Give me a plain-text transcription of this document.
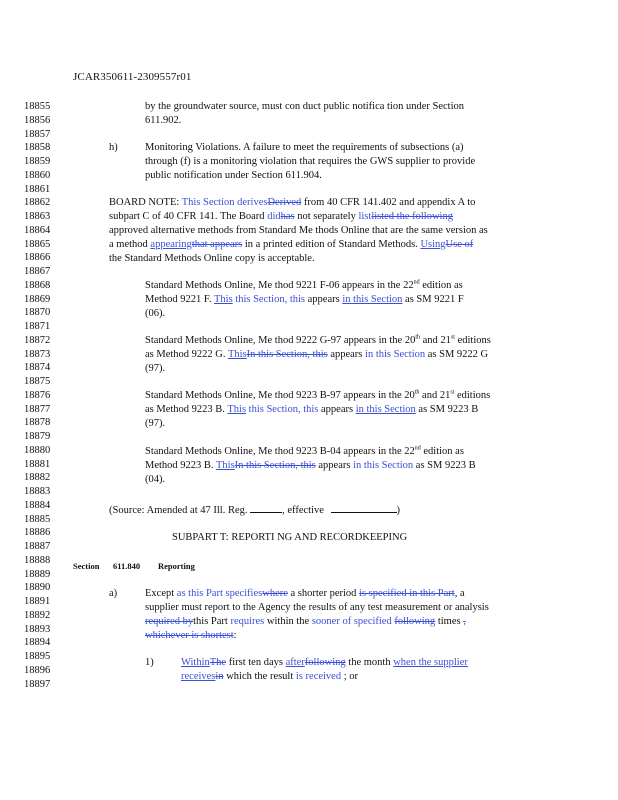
JCAR350611-2309557r01
18855
18856
18857
18858
18859
18860
18861
18862
18863
18864
18865
18866
18867
18868
18869
18870
18871
18872
18873
18874
18875
18876
18877
18878
18879
18880
18881
18882
18883
18884
18885
18886
18887
18888
18889
18890
18891
18892
18893
18894
18895
18896
18897
by the groundwater source, must con duct public notifica tion under Section
611.902.
h)	Monitoring Violations. A failure to meet the requirements of subsections (a)
through (f) is a monitoring violation that requires the GWS supplier to provide
public notification under Section 611.904.
BOARD NOTE: This Section derivesDerived from 40 CFR 141.402 and appendix A to
subpart C of 40 CFR 141. The Board didhas not separately listlisted the following
approved alternative methods from Standard Me thods Online that are the same version as
a method appearingthat appears in a printed edition of Standard Methods. UsingUse of
the Standard Methods Online copy is acceptable.
Standard Methods Online, Me thod 9221 F-06 appears in the 22nd edition as
Method 9221 F. This this Section, this appears in this Section as SM 9221 F
(06).
Standard Methods Online, Me thod 9222 G-97 appears in the 20th and 21st editions
as Method 9222 G. ThisIn this Section, this appears in this Section as SM 9222 G
(97).
Standard Methods Online, Me thod 9223 B-97 appears in the 20th and 21st editions
as Method 9223 B. This this Section, this appears in this Section as SM 9223 B
(97).
Standard Methods Online, Me thod 9223 B-04 appears in the 22nd edition as
Method 9223 B. ThisIn this Section, this appears in this Section as SM 9223 B
(04).
(Source: Amended at 47 Ill. Reg.	, effective	)
SUBPART T: REPORTI NG AND RECORDKEEPING
Section 611.840 Reporting
a)	Except as this Part specifieswhere a shorter period is specified in this Part, a
supplier must report to the Agency the results of any test measurement or analysis
required bythis Part requires within the sooner of specified following times ,
whichever is shortest:
1)	WithinThe first ten days afterfollowing the month when the supplier
receivesin which the result is received ; or
